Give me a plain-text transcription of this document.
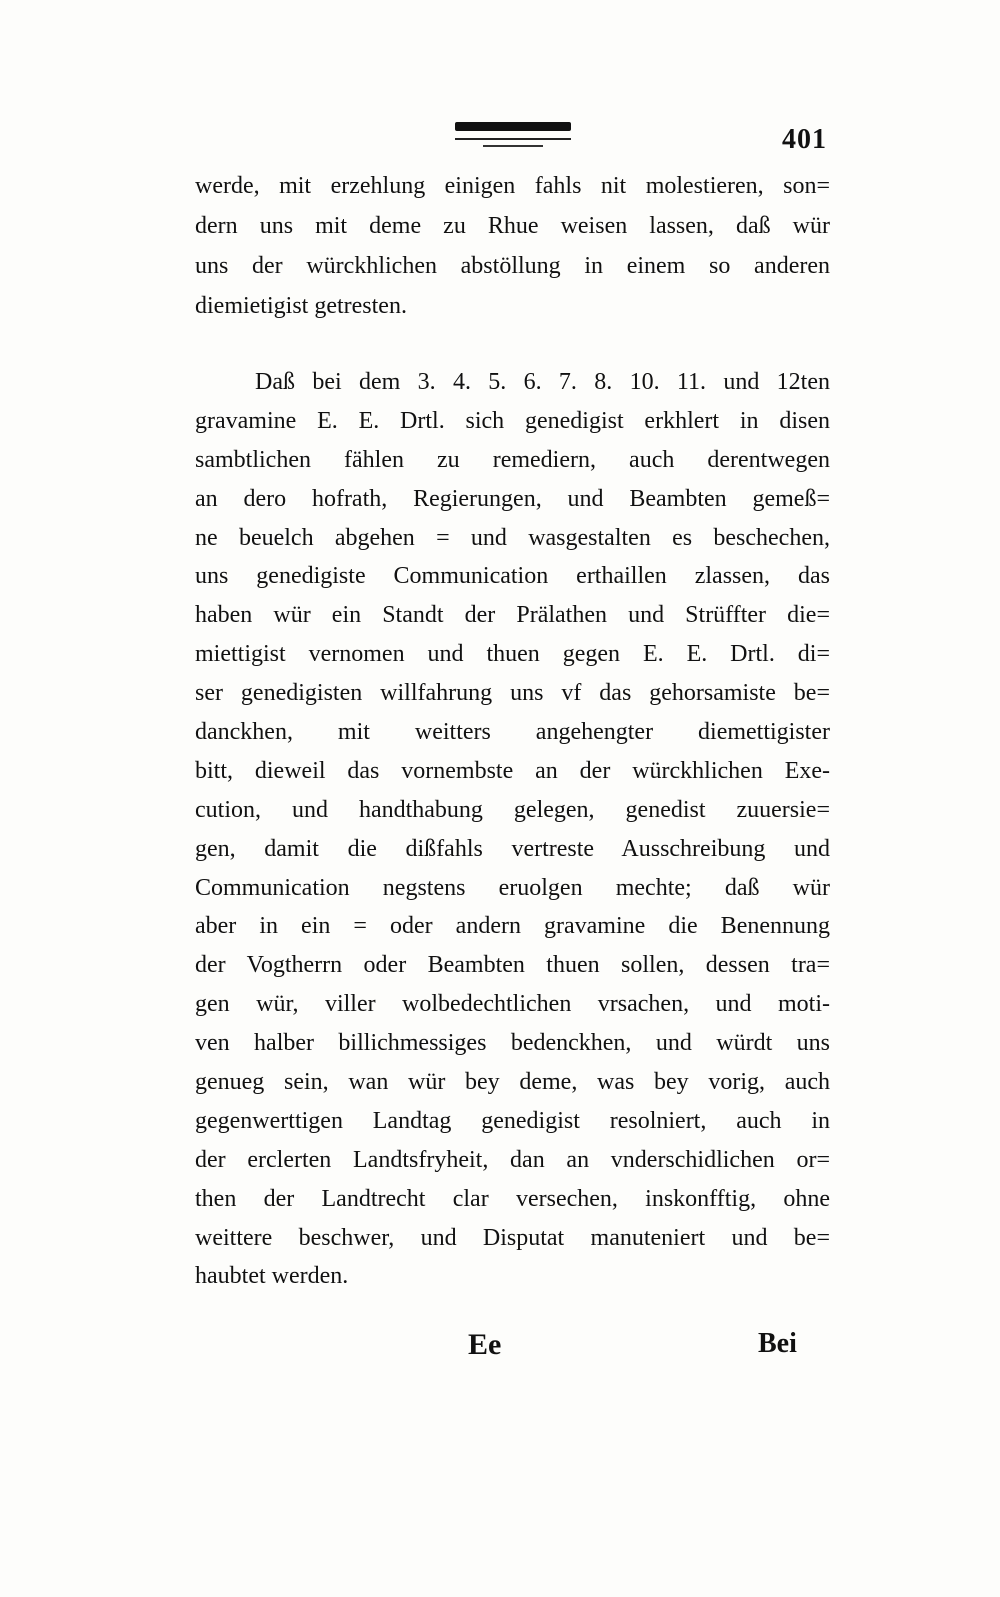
401
werde, mit erzehlung einigen fahls nit molestieren, son=
dern uns mit deme zu Rhue weisen lassen, daß wür
uns der würckhlichen abstöllung in einem so anderen
diemietigist getresten.
Daß bei dem 3. 4. 5. 6. 7. 8. 10. 11. und 12ten
gravamine E. E. Drtl. sich genedigist erkhlert in disen
sambtlichen fählen zu remediern, auch derentwegen
an dero hofrath, Regierungen, und Beambten gemeß=
ne beuelch abgehen = und wasgestalten es beschechen,
uns genedigiste Communication erthaillen zlassen, das
haben wür ein Standt der Prälathen und Strüffter die=
miettigist vernomen und thuen gegen E. E. Drtl. di=
ser genedigisten willfahrung uns vf das gehorsamiste be=
danckhen, mit weitters angehengter diemettigister
bitt, dieweil das vornembste an der würckhlichen Exe-
cution, und handthabung gelegen, genedist zuuersie=
gen, damit die dißfahls vertreste Ausschreibung und
Communication negstens eruolgen mechte; daß wür
aber in ein = oder andern gravamine die Benennung
der Vogtherrn oder Beambten thuen sollen, dessen tra=
gen wür, viller wolbedechtlichen vrsachen, und moti-
ven halber billichmessiges bedenckhen, und würdt uns
genueg sein, wan wür bey deme, was bey vorig, auch
gegenwerttigen Landtag genedigist resolniert, auch in
der erclerten Landtsfryheit, dan an vnderschidlichen or=
then der Landtrecht clar versechen, inskonfftig, ohne
weittere beschwer, und Disputat manuteniert und be=
haubtet werden.
Ee	Bei
